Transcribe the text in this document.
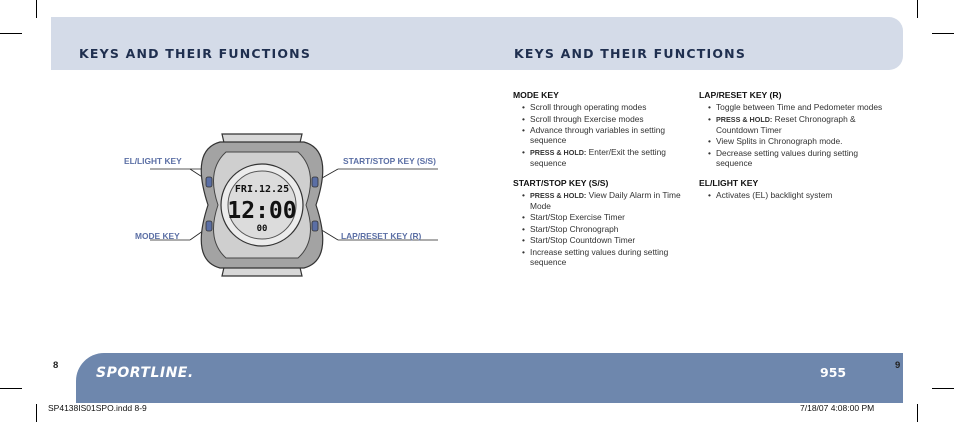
KEYS AND THEIR FUNCTIONS	KEYS AND THEIR FUNCTIONS
FRI.12.25
12:00
00
EL/LIGHT KEY	START/STOP KEY (S/S)
MODE KEY	LAP/RESET KEY (R)
MODE KEY
• Scroll through operating modes
• Scroll through Exercise modes
• Advance through variables in setting sequence
• PRESS & HOLD: Enter/Exit the setting sequence
START/STOP KEY (S/S)
• PRESS & HOLD: View Daily Alarm in Time Mode
• Start/Stop Exercise Timer
• Start/Stop Chronograph
• Start/Stop Countdown Timer
• Increase setting values during setting sequence
LAP/RESET KEY (R)
• Toggle between Time and Pedometer modes
• PRESS & HOLD: Reset Chronograph & Countdown Timer
• View Splits in Chronograph mode.
• Decrease setting values during setting sequence
EL/LIGHT KEY
• Activates (EL) backlight system
8	SPORTLINE.	955	9
SP4138IS01SPO.indd 8-9	7/18/07 4:08:00 PM
